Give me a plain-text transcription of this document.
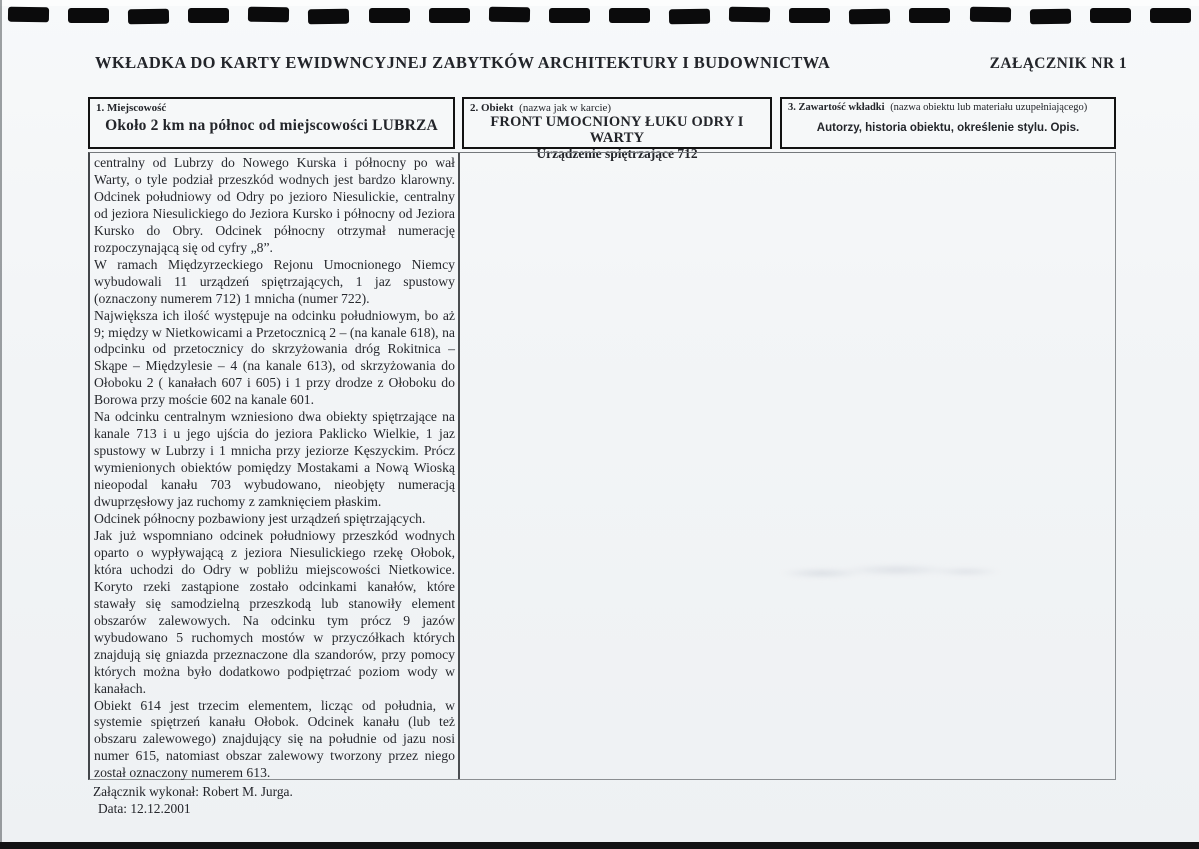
WKŁADKA DO KARTY EWIDWNCYJNEJ ZABYTKÓW ARCHITEKTURY I BUDOWNICTWA	ZAŁĄCZNIK NR 1
1. Miejscowość
Około 2 km na północ od miejscowości LUBRZA
2. Obiekt (nazwa jak w karcie)
FRONT UMOCNIONY ŁUKU ODRY I WARTY
Urządzenie spiętrzające 712
3. Zawartość wkładki (nazwa obiektu lub materiału uzupełniającego)
Autorzy, historia obiektu, określenie stylu. Opis.

centralny od Lubrzy do Nowego Kurska i północny po wał Warty, o tyle podział przeszkód wodnych jest bardzo klarowny. Odcinek południowy od Odry po jezioro Niesulickie, centralny od jeziora Niesulickiego do Jeziora Kursko i północny od Jeziora Kursko do Obry. Odcinek północny otrzymał numerację rozpoczynającą się od cyfry „8”.

W ramach Międzyrzeckiego Rejonu Umocnionego Niemcy wybudowali 11 urządzeń spiętrzających, 1 jaz spustowy (oznaczony numerem 712) 1 mnicha (numer 722).

Największa ich ilość występuje na odcinku południowym, bo aż 9; między w Nietkowicami a Przetocznicą 2 – (na kanale 618), na odpcinku od przetocznicy do skrzyżowania dróg Rokitnica – Skąpe – Międzylesie – 4 (na kanale 613), od skrzyżowania do Ołoboku 2 ( kanałach 607 i 605) i 1 przy drodze z Ołoboku do Borowa przy moście 602 na kanale 601.

Na odcinku centralnym wzniesiono dwa obiekty spiętrzające na kanale 713 i u jego ujścia do jeziora Paklicko Wielkie, 1 jaz spustowy w Lubrzy i 1 mnicha przy jeziorze Kęszyckim. Prócz wymienionych obiektów pomiędzy Mostakami a Nową Wioską nieopodal kanału 703 wybudowano, nieobjęty numeracją dwuprzęsłowy jaz ruchomy z zamknięciem płaskim.

Odcinek północny pozbawiony jest urządzeń spiętrzających.

Jak już wspomniano odcinek południowy przeszkód wodnych oparto o wypływającą z jeziora Niesulickiego rzekę Ołobok, która uchodzi do Odry w pobliżu miejscowości Nietkowice. Koryto rzeki zastąpione zostało odcinkami kanałów, które stawały się samodzielną przeszkodą lub stanowiły element obszarów zalewowych. Na odcinku tym prócz 9 jazów wybudowano 5 ruchomych mostów w przyczółkach których znajdują się gniazda przeznaczone dla szandorów, przy pomocy których można było dodatkowo podpiętrzać poziom wody w kanałach.

Obiekt 614 jest trzecim elementem, licząc od południa, w systemie spiętrzeń kanału Ołobok. Odcinek kanału (lub też obszaru zalewowego) znajdujący się na południe od jazu nosi numer 615, natomiast obszar zalewowy tworzony przez niego został oznaczony numerem 613.

Załącznik wykonał: Robert M. Jurga.
Data: 12.12.2001
